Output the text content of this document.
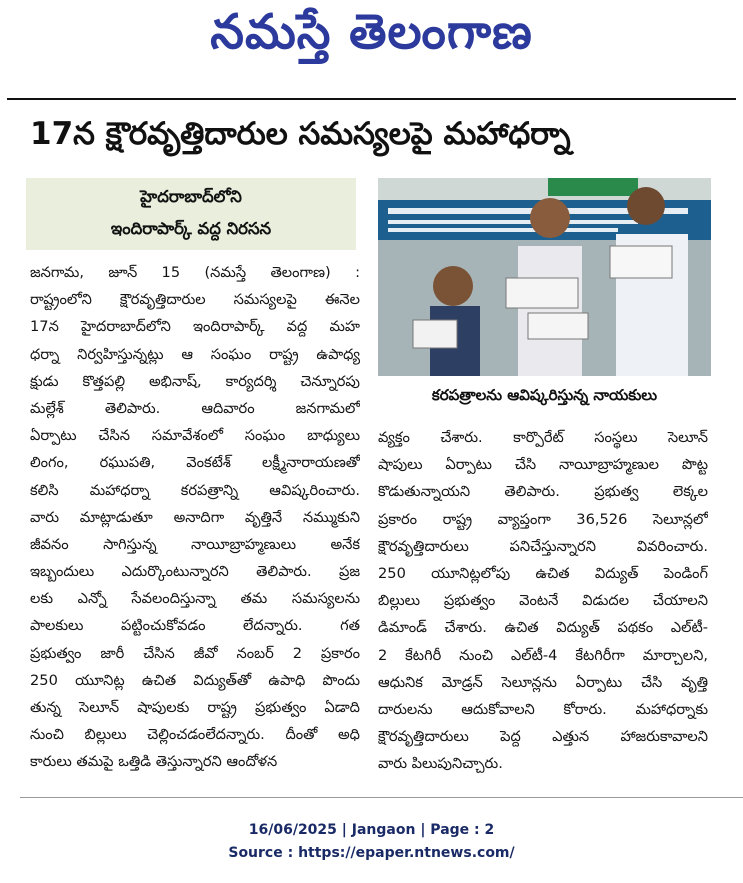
నమస్తే తెలంగాణ
17న క్షౌరవృత్తిదారుల సమస్యలపై మహాధర్నా
హైదరాబాద్‌లోని
ఇందిరాపార్క్ వద్ద నిరసన
జనగామ, జూన్ 15 (నమస్తే తెలంగాణ) :
రాష్ట్రంలోని క్షౌరవృత్తిదారుల సమస్యలపై ఈనెల
17న హైదరాబాద్‌లోని ఇందిరాపార్క్ వద్ద మహ
ధర్నా నిర్వహిస్తున్నట్లు ఆ సంఘం రాష్ట్ర ఉపాధ్య
క్షుడు కొత్తపల్లి అభినాష్, కార్యదర్శి చెన్నూరపు
మల్లేశ్ తెలిపారు. ఆదివారం జనగామలో
ఏర్పాటు చేసిన సమావేశంలో సంఘం బాధ్యులు
లింగం, రఘుపతి, వెంకటేశ్ లక్ష్మీనారాయణతో
కలిసి మహాధర్నా కరపత్రాన్ని ఆవిష్కరించారు.
వారు మాట్లాడుతూ అనాదిగా వృత్తినే నమ్ముకుని
జీవనం సాగిస్తున్న నాయీబ్రాహ్మణులు అనేక
ఇబ్బందులు ఎదుర్కొంటున్నారని తెలిపారు. ప్రజ
లకు ఎన్నో సేవలందిస్తున్నా తమ సమస్యలను
పాలకులు పట్టించుకోవడం లేదన్నారు. గత
ప్రభుత్వం జారీ చేసిన జీవో నంబర్ 2 ప్రకారం
250 యూనిట్ల ఉచిత విద్యుత్‌తో ఉపాధి పొందు
తున్న సెలూన్ షాపులకు రాష్ట్ర ప్రభుత్వం ఏడాది
నుంచి బిల్లులు చెల్లించడంలేదన్నారు. దీంతో అధి
కారులు తమపై ఒత్తిడి తెస్తున్నారని ఆందోళన
కరపత్రాలను ఆవిష్కరిస్తున్న నాయకులు
వ్యక్తం చేశారు. కార్పొరేట్ సంస్థలు సెలూన్
షాపులు ఏర్పాటు చేసి నాయీబ్రాహ్మణుల పొట్ట
కొడుతున్నాయని తెలిపారు. ప్రభుత్వ లెక్కల
ప్రకారం రాష్ట్ర వ్యాప్తంగా 36,526 సెలూన్లలో
క్షౌరవృత్తిదారులు పనిచేస్తున్నారని వివరించారు.
250 యూనిట్లలోపు ఉచిత విద్యుత్ పెండింగ్
బిల్లులు ప్రభుత్వం వెంటనే విడుదల చేయాలని
డిమాండ్ చేశారు. ఉచిత విద్యుత్ పథకం ఎల్‌టీ-
2 కేటగిరీ నుంచి ఎల్‌టీ-4 కేటగిరీగా మార్చాలని,
ఆధునిక మోడ్రన్ సెలూన్లను ఏర్పాటు చేసి వృత్తి
దారులను ఆదుకోవాలని కోరారు. మహాధర్నాకు
క్షౌరవృత్తిదారులు పెద్ద ఎత్తున హాజరుకావాలని
వారు పిలుపునిచ్చారు.
16/06/2025 | Jangaon | Page : 2
Source : https://epaper.ntnews.com/
